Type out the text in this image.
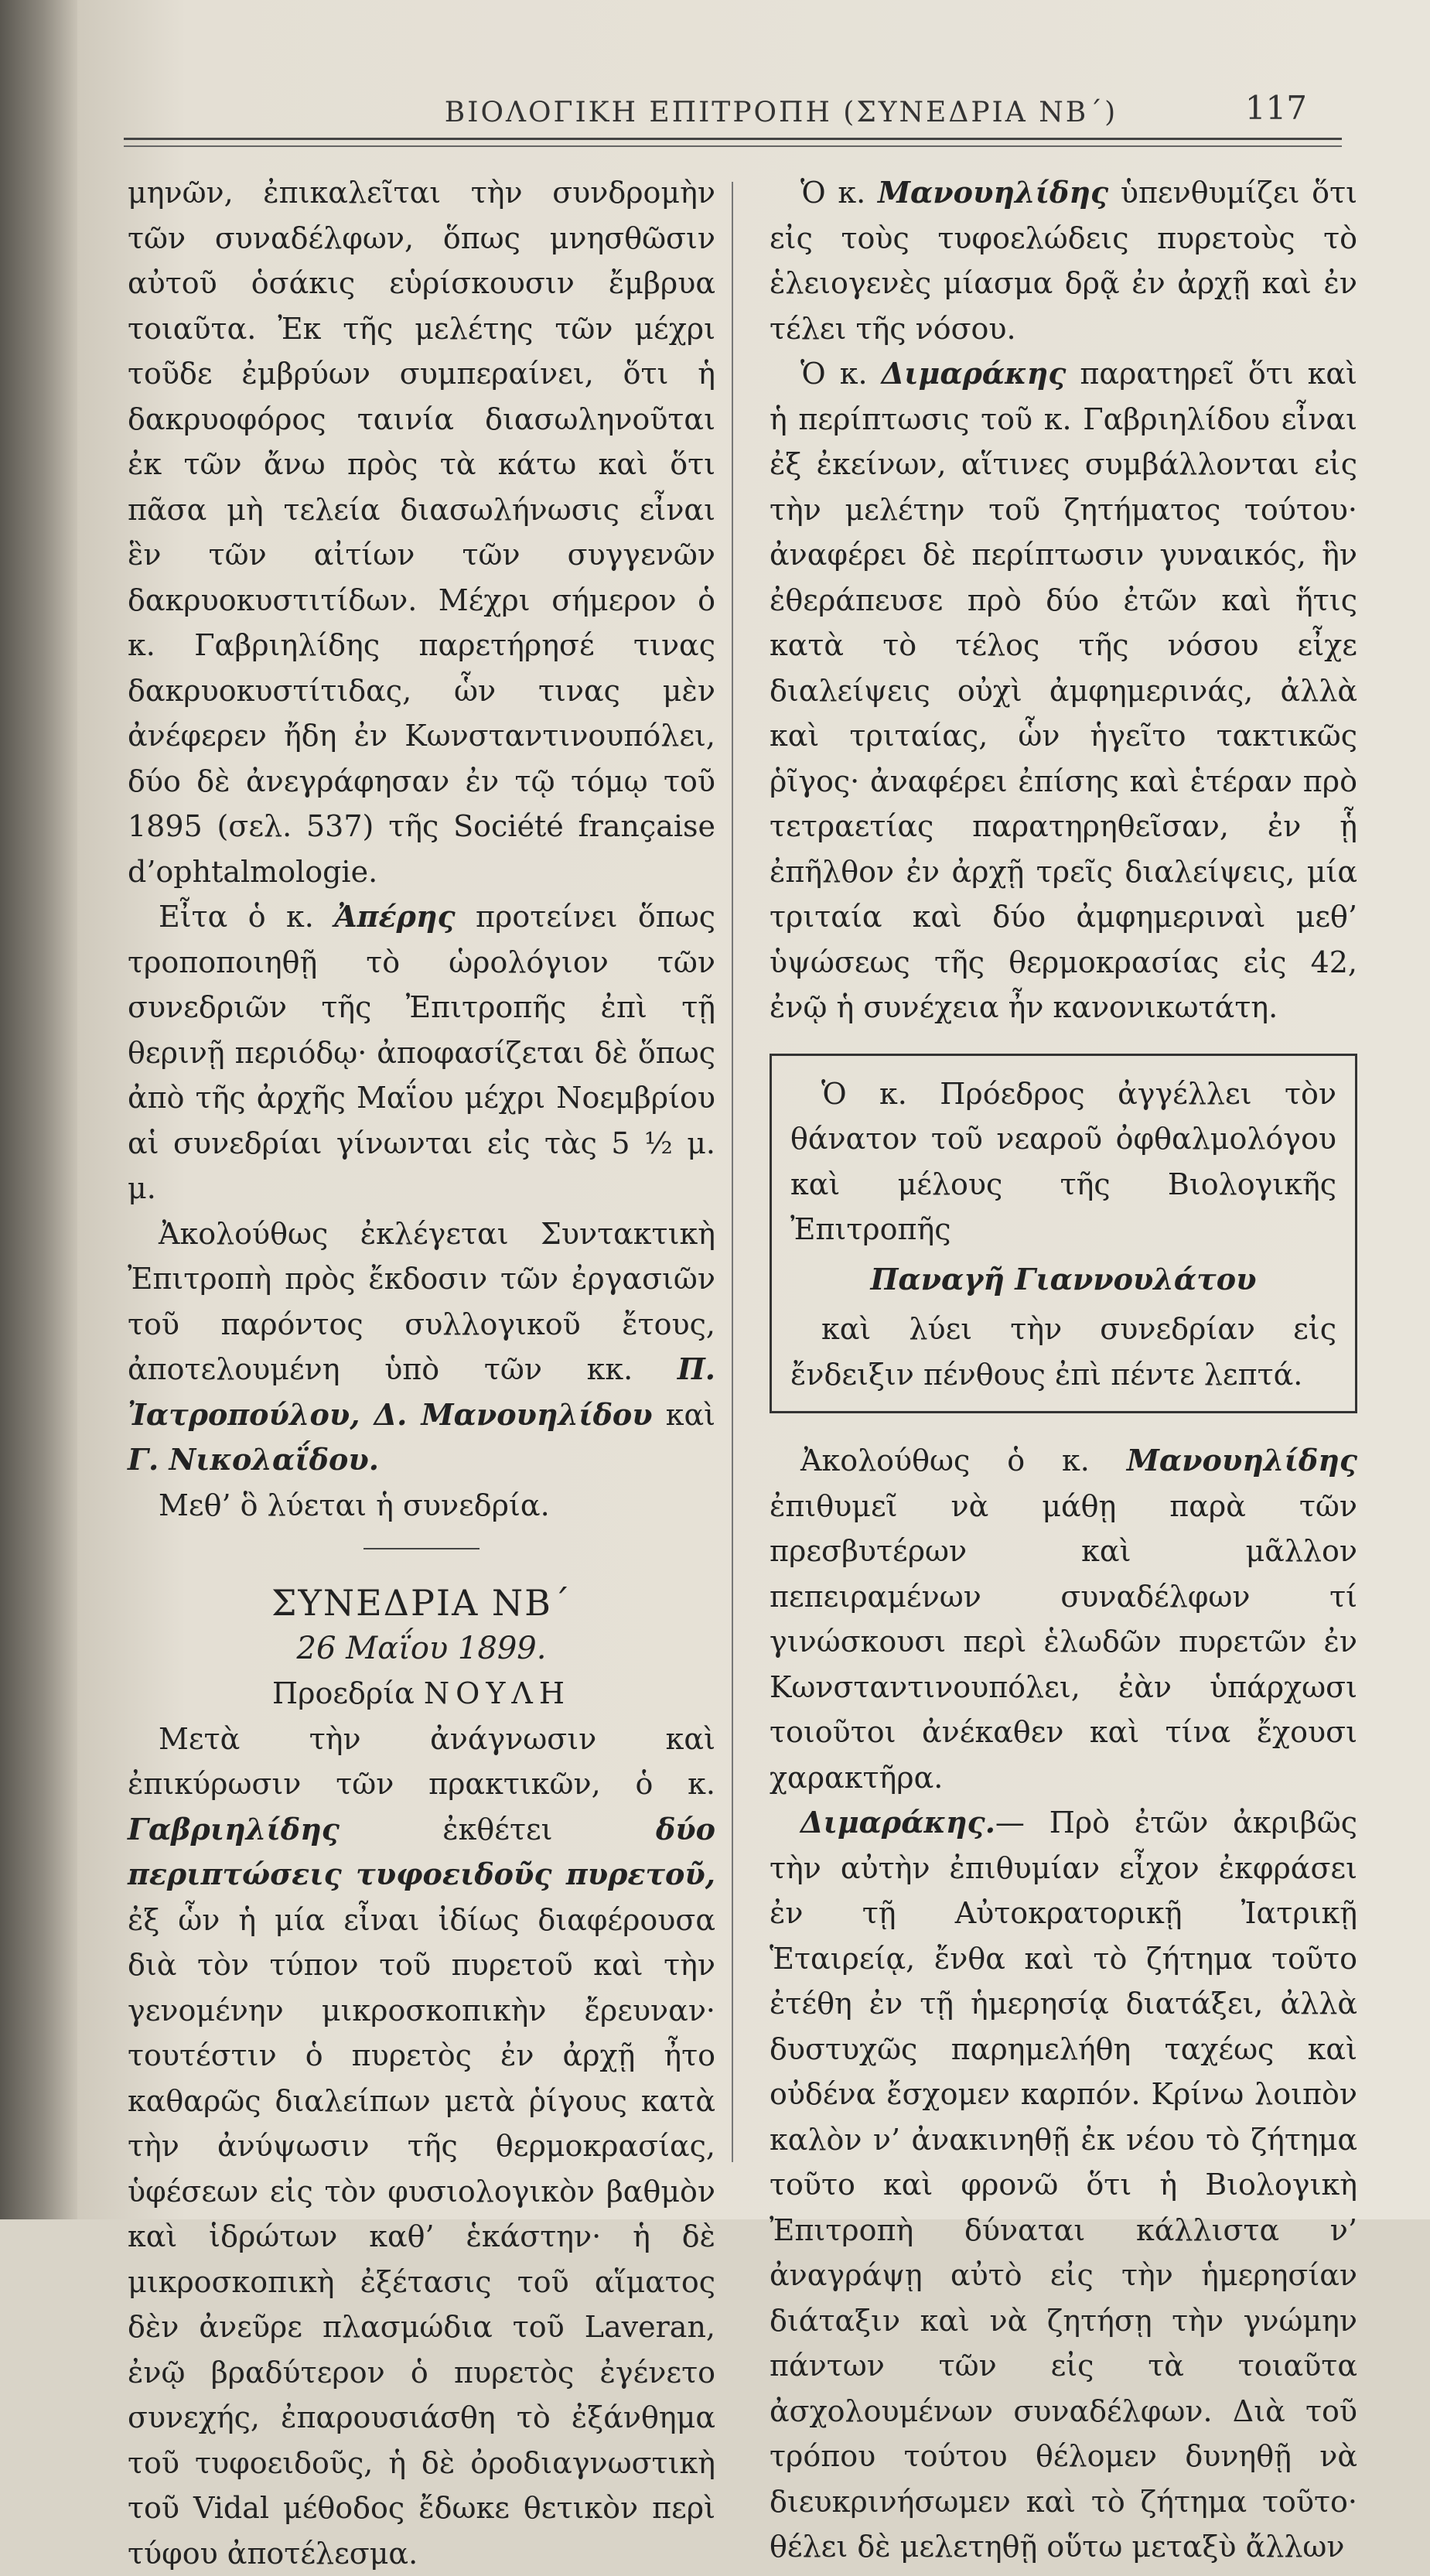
ΒΙΟΛΟΓΙΚΗ ΕΠΙΤΡΟΠΗ (ΣΥΝΕΔΡΙΑ ΝΒ΄)	117

μηνῶν, ἐπικαλεῖται τὴν συνδρομὴν τῶν συναδέλφων, ὅπως μνησθῶσιν αὐτοῦ ὁσάκις εὑρίσκουσιν ἔμβρυα τοιαῦτα. Ἐκ τῆς μελέτης τῶν μέχρι τοῦδε ἐμβρύων συμπεραίνει, ὅτι ἡ δακρυοφόρος ταινία διασωληνοῦται ἐκ τῶν ἄνω πρὸς τὰ κάτω καὶ ὅτι πᾶσα μὴ τελεία διασωλήνωσις εἶναι ἓν τῶν αἰτίων τῶν συγγενῶν δακρυοκυστιτίδων. Μέχρι σήμερον ὁ κ. Γαβριηλίδης παρετήρησέ τινας δακρυοκυστίτιδας, ὧν τινας μὲν ἀνέφερεν ἤδη ἐν Κωνσταντινουπόλει, δύο δὲ ἀνεγράφησαν ἐν τῷ τόμῳ τοῦ 1895 (σελ. 537) τῆς Société française d’ophtalmologie.

Εἶτα ὁ κ. Ἀπέρης προτείνει ὅπως τροποποιηθῇ τὸ ὡρολόγιον τῶν συνεδριῶν τῆς Ἐπιτροπῆς ἐπὶ τῇ θερινῇ περιόδῳ· ἀποφασίζεται δὲ ὅπως ἀπὸ τῆς ἀρχῆς Μαΐου μέχρι Νοεμβρίου αἱ συνεδρίαι γίνωνται εἰς τὰς 5 ½ μ. μ.

Ἀκολούθως ἐκλέγεται Συντακτικὴ Ἐπιτροπὴ πρὸς ἔκδοσιν τῶν ἐργασιῶν τοῦ παρόντος συλλογικοῦ ἔτους, ἀποτελουμένη ὑπὸ τῶν κκ. Π. Ἰατροπούλου, Δ. Μανουηλίδου καὶ Γ. Νικολαΐδου.

Μεθ’ ὃ λύεται ἡ συνεδρία.

ΣΥΝΕΔΡΙΑ ΝΒ΄

26 Μαΐου 1899.

Προεδρία ΝΟΥΛΗ

Μετὰ τὴν ἀνάγνωσιν καὶ ἐπικύρωσιν τῶν πρακτικῶν, ὁ κ. Γαβριηλίδης	ἐκθέτει	δύο περιπτώσεις τυφοειδοῦς πυρετοῦ, ἐξ ὧν ἡ μία εἶναι ἰδίως διαφέρουσα διὰ τὸν τύπον τοῦ πυρετοῦ καὶ τὴν γενομένην μικροσκοπικὴν ἔρευναν· τουτέστιν ὁ πυρετὸς ἐν ἀρχῇ ἦτο καθαρῶς διαλείπων μετὰ ῥίγους κατὰ τὴν ἀνύψωσιν τῆς θερμοκρασίας, ὑφέσεων εἰς τὸν φυσιολογικὸν βαθμὸν καὶ ἱδρώτων καθ’ ἑκάστην· ἡ δὲ μικροσκοπικὴ ἐξέτασις τοῦ αἵματος δὲν ἀνεῦρε πλασμώδια τοῦ Laveran, ἐνῷ βραδύτερον ὁ πυρετὸς ἐγένετο συνεχής, ἐπαρουσιάσθη τὸ ἐξάνθημα τοῦ τυφοειδοῦς, ἡ δὲ ὀροδιαγνωστικὴ τοῦ Vidal μέθοδος ἔδωκε θετικὸν περὶ τύφου ἀποτέλεσμα.

Ὁ κ. Μανουηλίδης ὑπενθυμίζει ὅτι εἰς τοὺς τυφοελώδεις πυρετοὺς τὸ ἑλειογενὲς μίασμα δρᾷ ἐν ἀρχῇ καὶ ἐν τέλει τῆς νόσου.

Ὁ κ. Διμαράκης παρατηρεῖ ὅτι καὶ ἡ περίπτωσις τοῦ κ. Γαβριηλίδου εἶναι ἐξ ἐκείνων, αἵτινες συμβάλλονται εἰς τὴν μελέτην τοῦ ζητήματος τούτου· ἀναφέρει δὲ περίπτωσιν γυναικός, ἣν ἐθεράπευσε πρὸ δύο ἐτῶν καὶ ἥτις κατὰ τὸ τέλος τῆς νόσου εἶχε διαλείψεις οὐχὶ ἀμφημερινάς, ἀλλὰ καὶ τριταίας, ὧν ἡγεῖτο τακτικῶς ῥῖγος· ἀναφέρει ἐπίσης καὶ ἑτέραν πρὸ τετραετίας παρατηρηθεῖσαν, ἐν ᾗ ἐπῆλθον ἐν ἀρχῇ τρεῖς διαλείψεις, μία τριταία καὶ δύο ἀμφημεριναὶ μεθ’ ὑψώσεως τῆς θερμοκρασίας εἰς 42, ἐνῷ ἡ συνέχεια ἦν κανονικωτάτη.

Ὁ κ. Πρόεδρος ἀγγέλλει τὸν θάνατον τοῦ νεαροῦ ὀφθαλμολόγου καὶ μέλους τῆς Βιολογικῆς Ἐπιτροπῆς

Παναγῆ Γιαννουλάτου

καὶ λύει τὴν συνεδρίαν εἰς ἔνδειξιν πένθους ἐπὶ πέντε λεπτά.

Ἀκολούθως ὁ κ. Μανουηλίδης ἐπιθυμεῖ νὰ μάθῃ παρὰ τῶν πρεσβυτέρων καὶ μᾶλλον πεπειραμένων συναδέλφων τί γινώσκουσι περὶ ἑλωδῶν πυρετῶν ἐν Κωνσταντινουπόλει, ἐὰν ὑπάρχωσι τοιοῦτοι ἀνέκαθεν καὶ τίνα ἔχουσι χαρακτῆρα.

Διμαράκης.— Πρὸ ἐτῶν ἀκριβῶς τὴν αὐτὴν ἐπιθυμίαν εἶχον ἐκφράσει ἐν τῇ Αὐτοκρατορικῇ Ἰατρικῇ Ἑταιρείᾳ, ἔνθα καὶ τὸ ζήτημα τοῦτο ἐτέθη ἐν τῇ ἡμερησίᾳ διατάξει, ἀλλὰ δυστυχῶς παρημελήθη ταχέως καὶ οὐδένα ἔσχομεν καρπόν. Κρίνω λοιπὸν καλὸν ν’ ἀνακινηθῇ ἐκ νέου τὸ ζήτημα τοῦτο καὶ φρονῶ ὅτι ἡ Βιολογικὴ Ἐπιτροπὴ δύναται κάλλιστα ν’ ἀναγράψῃ αὐτὸ εἰς τὴν ἡμερησίαν διάταξιν καὶ νὰ ζητήσῃ τὴν γνώμην πάντων τῶν εἰς τὰ τοιαῦτα ἀσχολουμένων συναδέλφων. Διὰ τοῦ τρόπου τούτου θέλομεν δυνηθῇ νὰ διευκρινήσωμεν καὶ τὸ ζήτημα τοῦτο· θέλει δὲ μελετηθῇ οὕτω μεταξὺ ἄλλων
